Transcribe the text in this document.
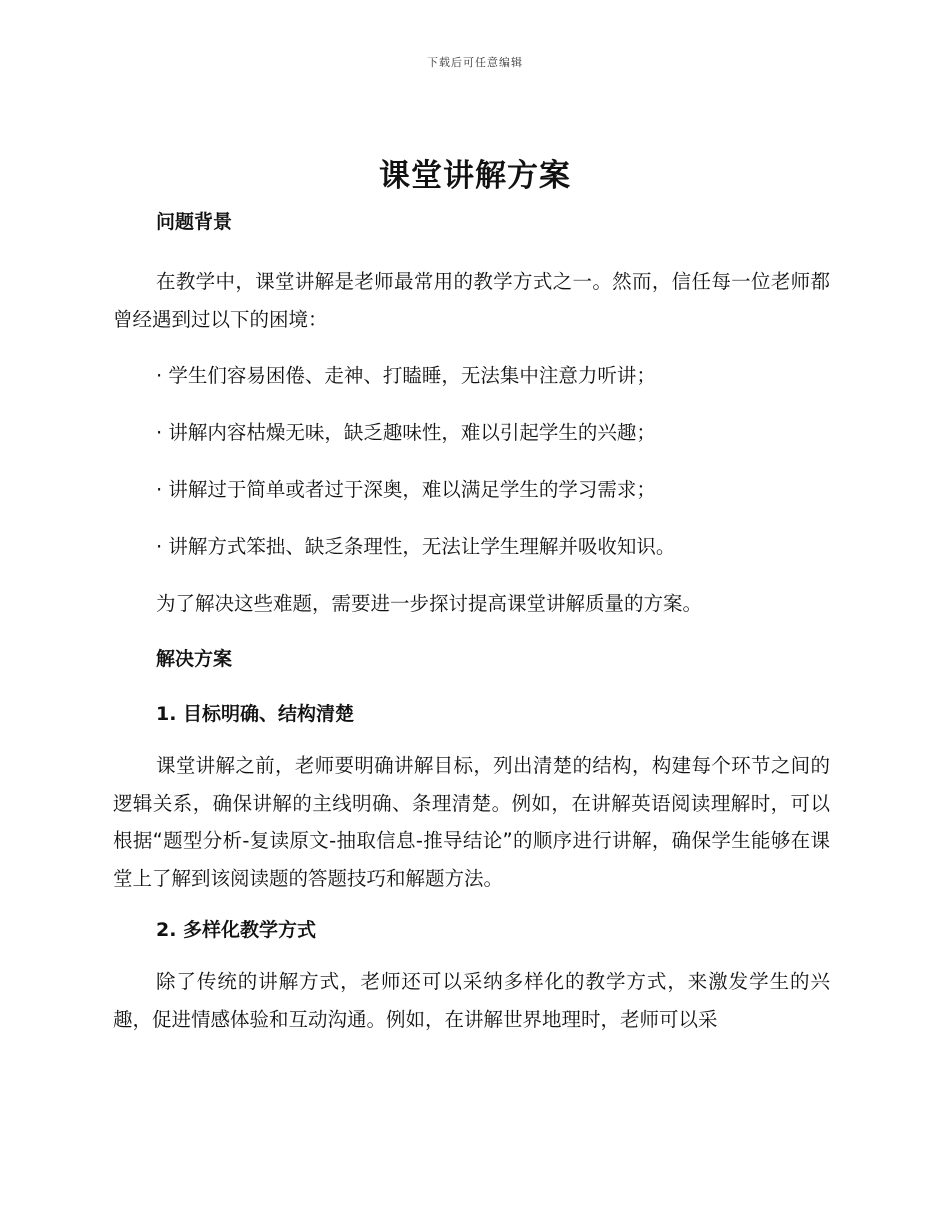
下载后可任意编辑
课堂讲解方案

问题背景

在教学中，课堂讲解是老师最常用的教学方式之一。然而，信任每一位老师都曾经遇到过以下的困境：

· 学生们容易困倦、走神、打瞌睡，无法集中注意力听讲；

· 讲解内容枯燥无味，缺乏趣味性，难以引起学生的兴趣；

· 讲解过于简单或者过于深奥，难以满足学生的学习需求；

· 讲解方式笨拙、缺乏条理性，无法让学生理解并吸收知识。

为了解决这些难题，需要进一步探讨提高课堂讲解质量的方案。

解决方案

1. 目标明确、结构清楚

课堂讲解之前，老师要明确讲解目标，列出清楚的结构，构建每个环节之间的逻辑关系，确保讲解的主线明确、条理清楚。例如，在讲解英语阅读理解时，可以根据“题型分析-复读原文-抽取信息-推导结论”的顺序进行讲解，确保学生能够在课堂上了解到该阅读题的答题技巧和解题方法。

2. 多样化教学方式

除了传统的讲解方式，老师还可以采纳多样化的教学方式，来激发学生的兴趣，促进情感体验和互动沟通。例如，在讲解世界地理时，老师可以采
